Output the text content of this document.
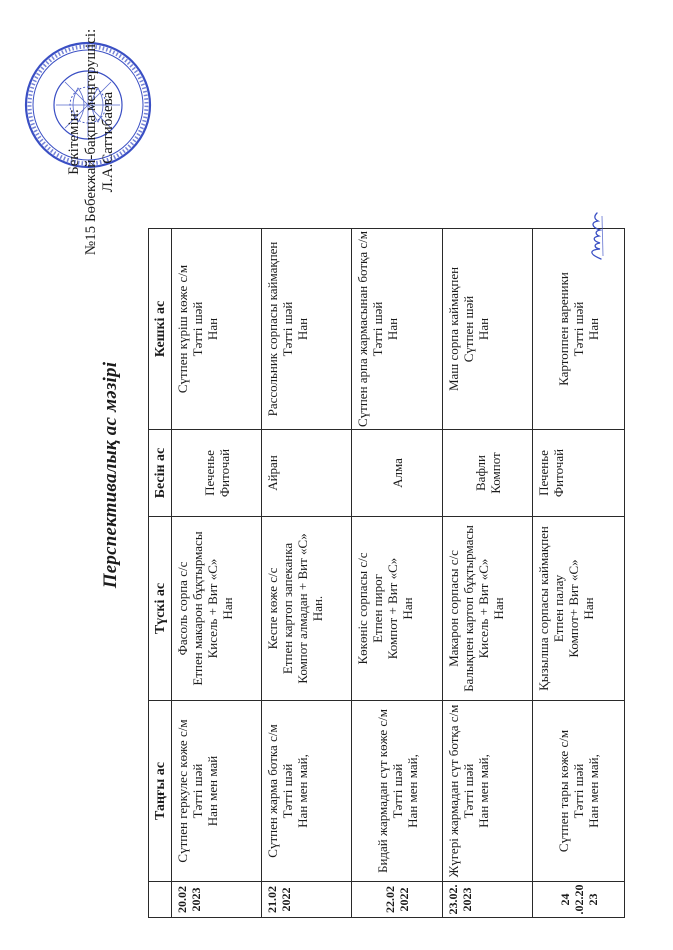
Бекітемін: №15 Бөбекжай-бақша меңгерушісі: Л.А.Саттибаева
Перспективалық ас мәзірі
	Таңғы ас	Түскі ас	Бесін ас	Кешкі ас

20.02 2023	Сүтпен геркулес көже с/м Тәтті шәй Нан мен май	Фасоль сорпа с/с Етпен макарон бұқтырмасы Кисель + Вит «С» Нан	Печенье Фиточай	Сүтпен күріш көже с/м Тәтті шәй Нан

21.02 2022	Сүтпен жарма ботка с/м Тәтті шәй Нан мен май,	Кеспе көже с/с Етпен картоп запеканка Компот алмадан + Вит «С» Нан.	Айран	Рассольник сорпасы каймақпен Тәтті шәй Нан

22.02 2022	Бидай жармадан сүт көже с/м Тәтті шәй Нан мен май,	Көкөніс сорпасы с/с Етпен пирог Компот + Вит «С» Нан	Алма	Сүтпен арпа жармасынан ботқа с/м Тәтті шәй Нан

23.02. 2023	Жүгері жармадан сүт ботқа с/м Тәтті шәй Нан мен май,	Макарон сорпасы с/с Балықпен картоп бұқтырмасы Кисель + Вит «С» Нан	Вафли Компот	Маш сорпа каймақпен Сүтпен шәй Нан

24 .02.20 23	Сүтпен тары көже с/м Тәтті шәй Нан мен май,	Қызылша сорпасы каймақпен Етпен палау Компот+ Вит «С» Нан	Печенье Фиточай	Картоппен вареники Тәтті шәй Нан
